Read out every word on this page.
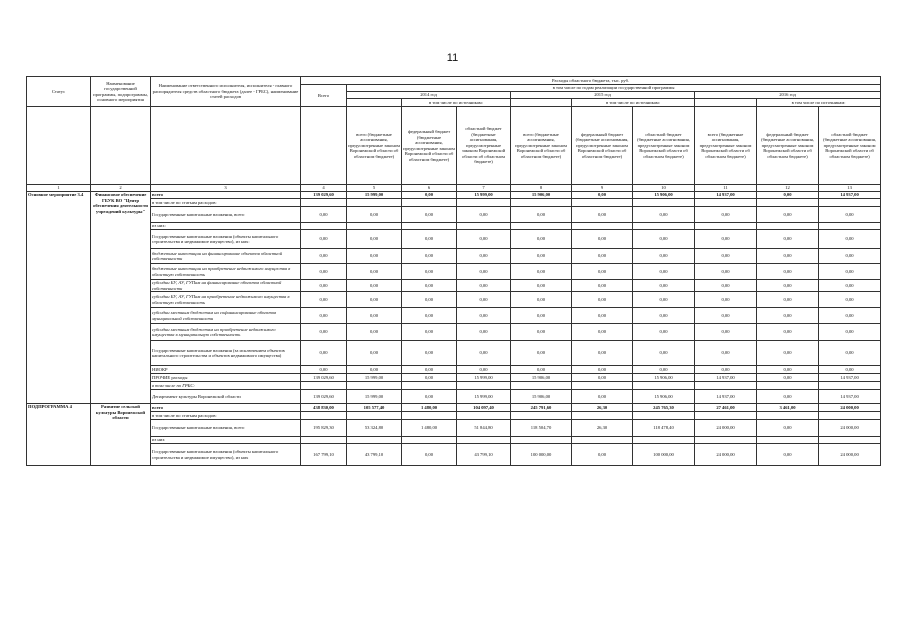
11
Статус	Наименование государственной программы, подпрограммы, основного мероприятия	Наименование ответственного исполнителя, исполнителя - главного распорядителя средств областного бюджета (далее - ГРБС), наименование статей расходов	Расходы областного бюджета, тыс. руб.									
			Всего	в том числе по годам реализации государственной программы								
				2014 год			2015 год			2016 год		
					в том числе по источникам:			в том числе по источникам:			в том числе по источникам:	
				всего (бюджетные ассигнования, предусмотренные законом Воронежской области об областном бюджете)	федеральный бюджет (бюджетные ассигнования, предусмотренные законом Воронежской области об областном бюджете)	областной бюджет (бюджетные ассигнования, предусмотренные законом Воронежской области об областном бюджете)	всего (бюджетные ассигнования, предусмотренные законом Воронежской области об областном бюджете)	федеральный бюджет (бюджетные ассигнования, предусмотренные законом Воронежской области об областном бюджете)	областной бюджет (бюджетные ассигнования, предусмотренные законом Воронежской области об областном бюджете)	всего (бюджетные ассигнования, предусмотренные законом Воронежской области об областном бюджете)	федеральный бюджет (бюджетные ассигнования, предусмотренные законом Воронежской области об областном бюджете)	областной бюджет (бюджетные ассигнования, предусмотренные законом Воронежской области об областном бюджете)
1	2	3	4	5	6	7	8	9	10	11	12	13
Основное мероприятие 3.4	Финансовое обеспечение ГБУК ВО "Центр обеспечения деятельности учреждений культуры"	всего	139 029,60	15 999,00	0,00	15 999,00	15 906,00	0,00	15 906,00	14 937,00	0,00	14 937,00
		в том числе по статьям расходов:										
		Государственные капитальные вложения, всего	0,00	0,00	0,00	0,00	0,00	0,00	0,00	0,00	0,00	0,00
		из них:										
		Государственные капитальные вложения (объекты капитального строительства и недвижимое имущество), из них:	0,00	0,00	0,00	0,00	0,00	0,00	0,00	0,00	0,00	0,00
		бюджетные инвестиции на финансирование объектов областной собственности	0,00	0,00	0,00	0,00	0,00	0,00	0,00	0,00	0,00	0,00
		бюджетные инвестиции на приобретение недвижимого имущества в областную собственность	0,00	0,00	0,00	0,00	0,00	0,00	0,00	0,00	0,00	0,00
		субсидии БУ, АУ, ГУПам на финансирование объектов областной собственности	0,00	0,00	0,00	0,00	0,00	0,00	0,00	0,00	0,00	0,00
		субсидии БУ, АУ, ГУПам на приобретение недвижимого имущества в областную собственность	0,00	0,00	0,00	0,00	0,00	0,00	0,00	0,00	0,00	0,00
		субсидии местным бюджетам на софинансирование объектов муниципальной собственности	0,00	0,00	0,00	0,00	0,00	0,00	0,00	0,00	0,00	0,00
		субсидии местным бюджетам на приобретение недвижимого имущества в муниципальную собственность	0,00	0,00	0,00	0,00	0,00	0,00	0,00	0,00	0,00	0,00
		Государственные капитальные вложения (за исключением объектов капитального строительства и объектов недвижимого имущества)	0,00	0,00	0,00	0,00	0,00	0,00	0,00	0,00	0,00	0,00
		НИОКР	0,00	0,00	0,00	0,00	0,00	0,00	0,00	0,00	0,00	0,00
		ПРОЧИЕ расходы	139 029,60	15 999,00	0,00	15 999,00	15 906,00	0,00	15 906,00	14 937,00	0,00	14 937,00
		в том числе по ГРБС:										
		Департамент культуры Воронежской области	139 029,60	15 999,00	0,00	15 999,00	15 906,00	0,00	15 906,00	14 937,00	0,00	14 937,00
ПОДПРОГРАММА 4	Развитие сельской культуры Воронежской области	всего	438 830,00	105 577,40	1 480,00	104 097,40	245 791,60	26,30	245 765,30	27 461,00	3 461,00	24 000,00
		в том числе по статьям расходов:										
		Государственные капитальные вложения, всего	195 829,30	53 324,80	1 480,00	51 844,80	118 504,70	26,30	118 478,40	24 000,00	0,00	24 000,00
		из них										
		Государственные капитальные вложения (объекты капитального строительства и недвижимое имущество), из них	167 799,10	43 799,10	0,00	43 799,10	100 000,00	0,00	100 000,00	24 000,00	0,00	24 000,00
